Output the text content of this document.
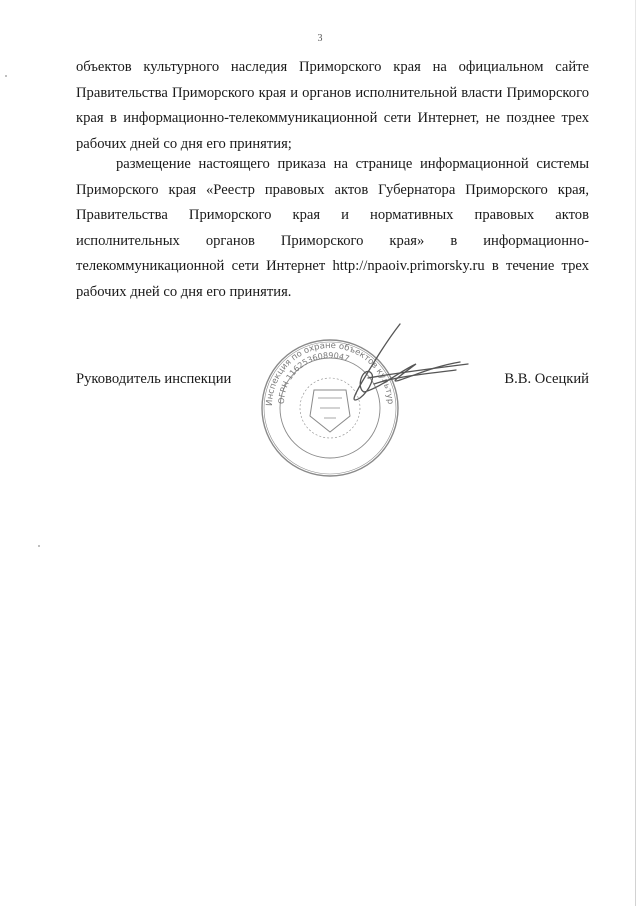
3

объектов культурного наследия Приморского края на официальном сайте Правительства Приморского края и органов исполнительной власти Приморского края в информационно-телекоммуникационной сети Интернет, не позднее трех рабочих дней со дня его принятия;

размещение настоящего приказа на странице информационной системы Приморского края «Реестр правовых актов Губернатора Приморского края, Правительства Приморского края и нормативных правовых актов исполнительных органов Приморского края» в информационно-телекоммуникационной сети Интернет http://npaoiv.primorsky.ru в течение трех рабочих дней со дня его принятия.

Руководитель инспекции	В.В. Осецкий
Инспекция по охране объектов культур
ОГРН 1162536089047
